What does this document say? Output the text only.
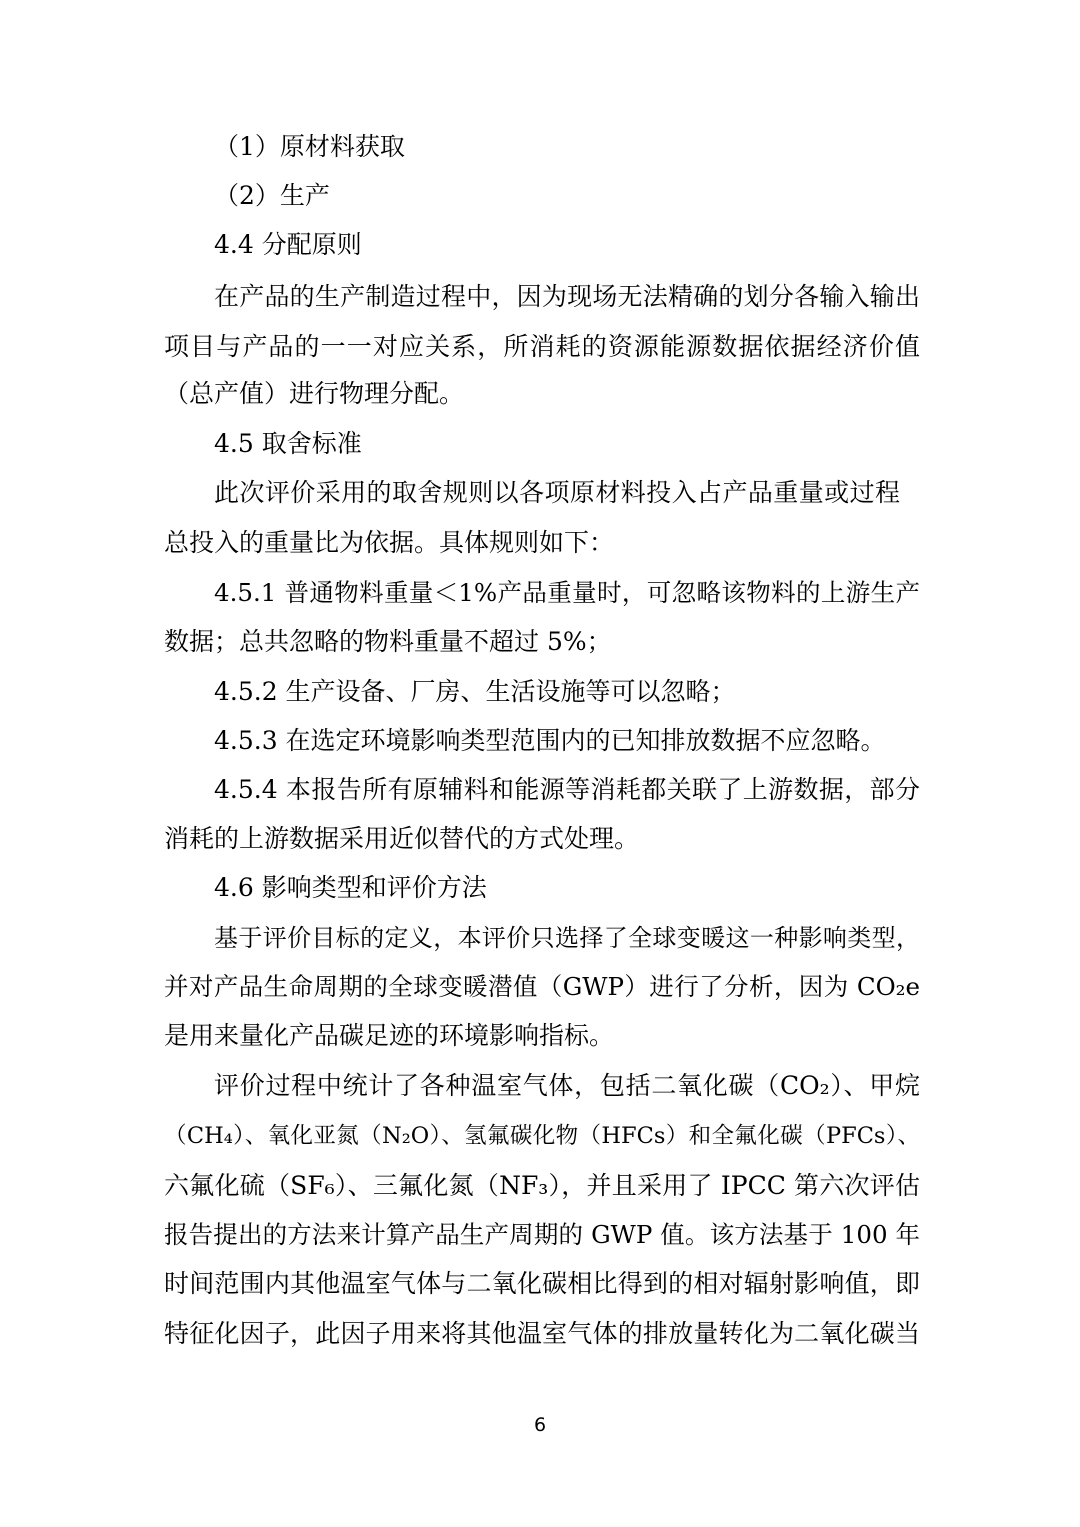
（1）原材料获取
（2）生产
4.4 分配原则
在产品的生产制造过程中，因为现场无法精确的划分各输入输出
项目与产品的一一对应关系，所消耗的资源能源数据依据经济价值
（总产值）进行物理分配。
4.5 取舍标准
此次评价采用的取舍规则以各项原材料投入占产品重量或过程
总投入的重量比为依据。具体规则如下：
4.5.1 普通物料重量＜1%产品重量时，可忽略该物料的上游生产
数据；总共忽略的物料重量不超过 5%；
4.5.2 生产设备、厂房、生活设施等可以忽略；
4.5.3 在选定环境影响类型范围内的已知排放数据不应忽略。
4.5.4 本报告所有原辅料和能源等消耗都关联了上游数据，部分
消耗的上游数据采用近似替代的方式处理。
4.6 影响类型和评价方法
基于评价目标的定义，本评价只选择了全球变暖这一种影响类型，
并对产品生命周期的全球变暖潜值（GWP）进行了分析，因为 CO₂e
是用来量化产品碳足迹的环境影响指标。
评价过程中统计了各种温室气体，包括二氧化碳（CO₂）、甲烷
（CH₄）、氧化亚氮（N₂O）、氢氟碳化物（HFCs）和全氟化碳（PFCs）、
六氟化硫（SF₆）、三氟化氮（NF₃），并且采用了 IPCC 第六次评估
报告提出的方法来计算产品生产周期的 GWP 值。该方法基于 100 年
时间范围内其他温室气体与二氧化碳相比得到的相对辐射影响值，即
特征化因子，此因子用来将其他温室气体的排放量转化为二氧化碳当
6
